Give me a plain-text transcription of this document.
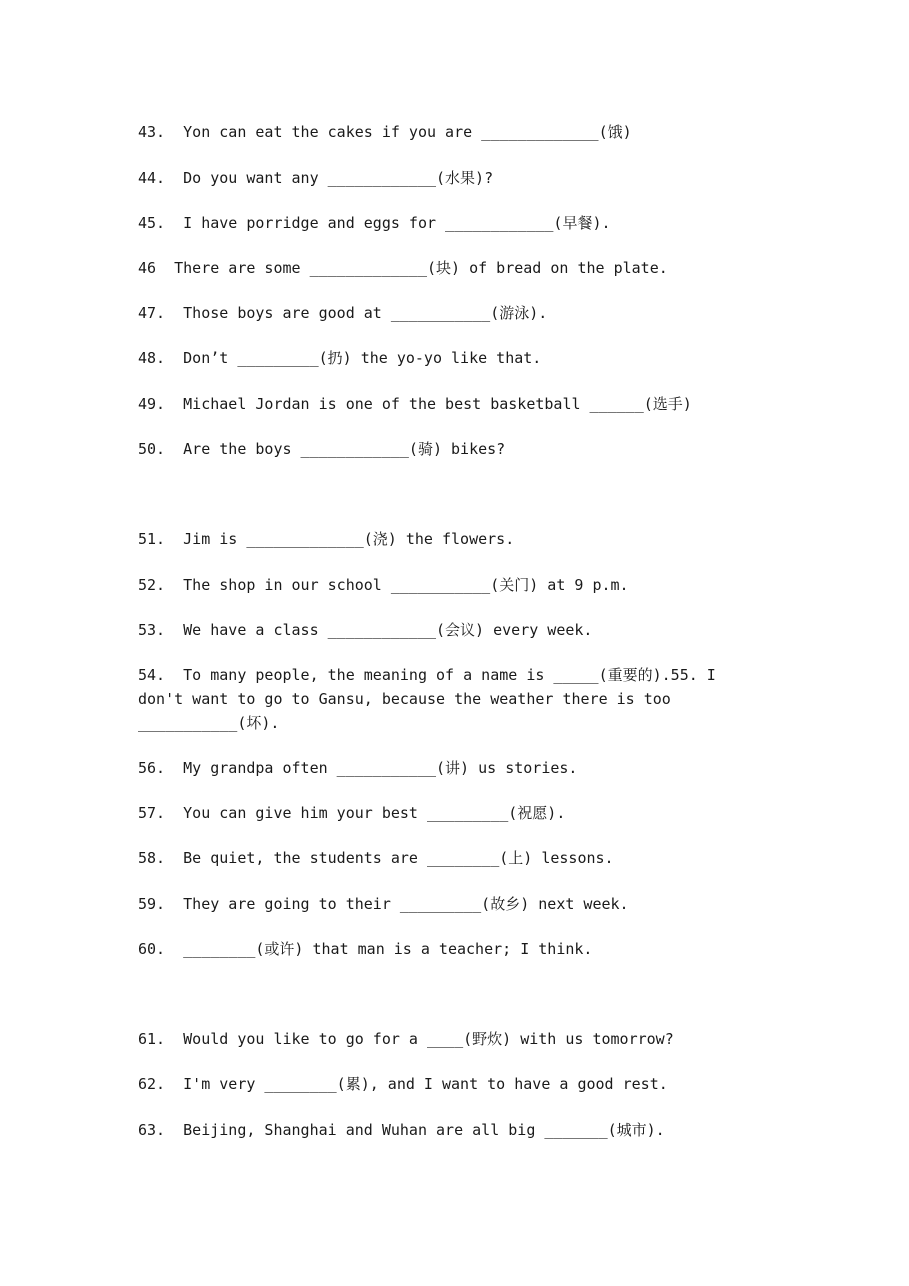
43.  Yon can eat the cakes if you are _____________(饿)
44.  Do you want any ____________(水果)?
45.  I have porridge and eggs for ____________(早餐).
46  There are some _____________(块) of bread on the plate.
47.  Those boys are good at ___________(游泳).
48.  Don’t _________(扔) the yo-yo like that.
49.  Michael Jordan is one of the best basketball ______(选手)
50.  Are the boys ____________(骑) bikes?
51.  Jim is _____________(浇) the flowers.
52.  The shop in our school ___________(关门) at 9 p.m.
53.  We have a class ____________(会议) every week.
54.  To many people, the meaning of a name is _____(重要的).55. I don't want to go to Gansu, because the weather there is too ___________(坏).
56.  My grandpa often ___________(讲) us stories.
57.  You can give him your best _________(祝愿).
58.  Be quiet, the students are ________(上) lessons.
59.  They are going to their _________(故乡) next week.
60.  ________(或许) that man is a teacher; I think.
61.  Would you like to go for a ____(野炊) with us tomorrow?
62.  I'm very ________(累), and I want to have a good rest.
63.  Beijing, Shanghai and Wuhan are all big _______(城市).
